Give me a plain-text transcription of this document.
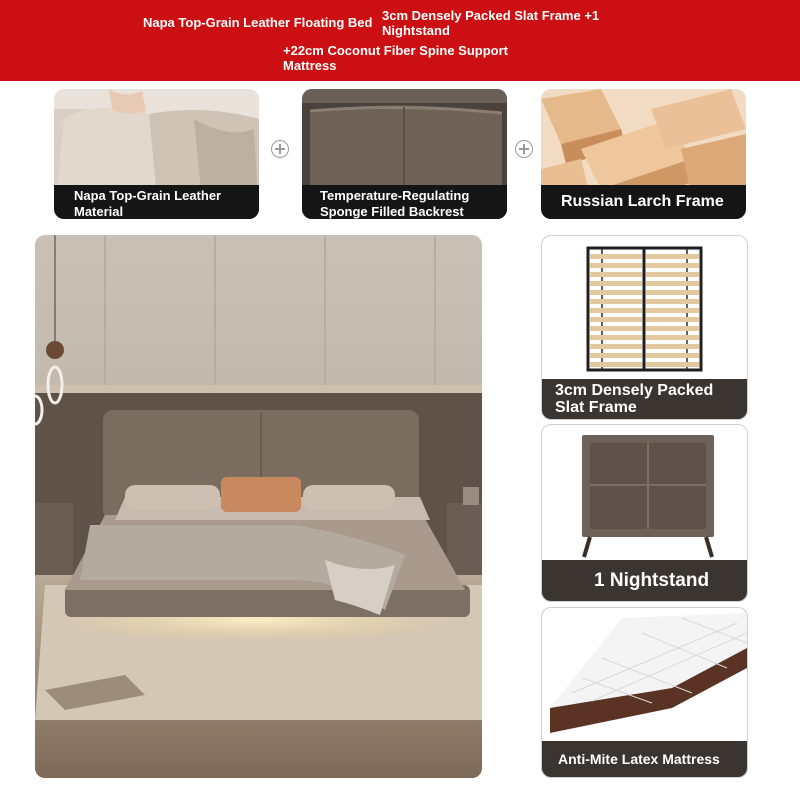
Napa Top-Grain Leather Floating Bed 3cm Densely Packed Slat Frame +1 Nightstand
+22cm Coconut Fiber Spine Support Mattress
Napa Top-Grain Leather Material
Temperature-Regulating Sponge Filled Backrest
Russian Larch Frame
3cm Densely Packed Slat Frame
1 Nightstand
Anti-Mite Latex Mattress
